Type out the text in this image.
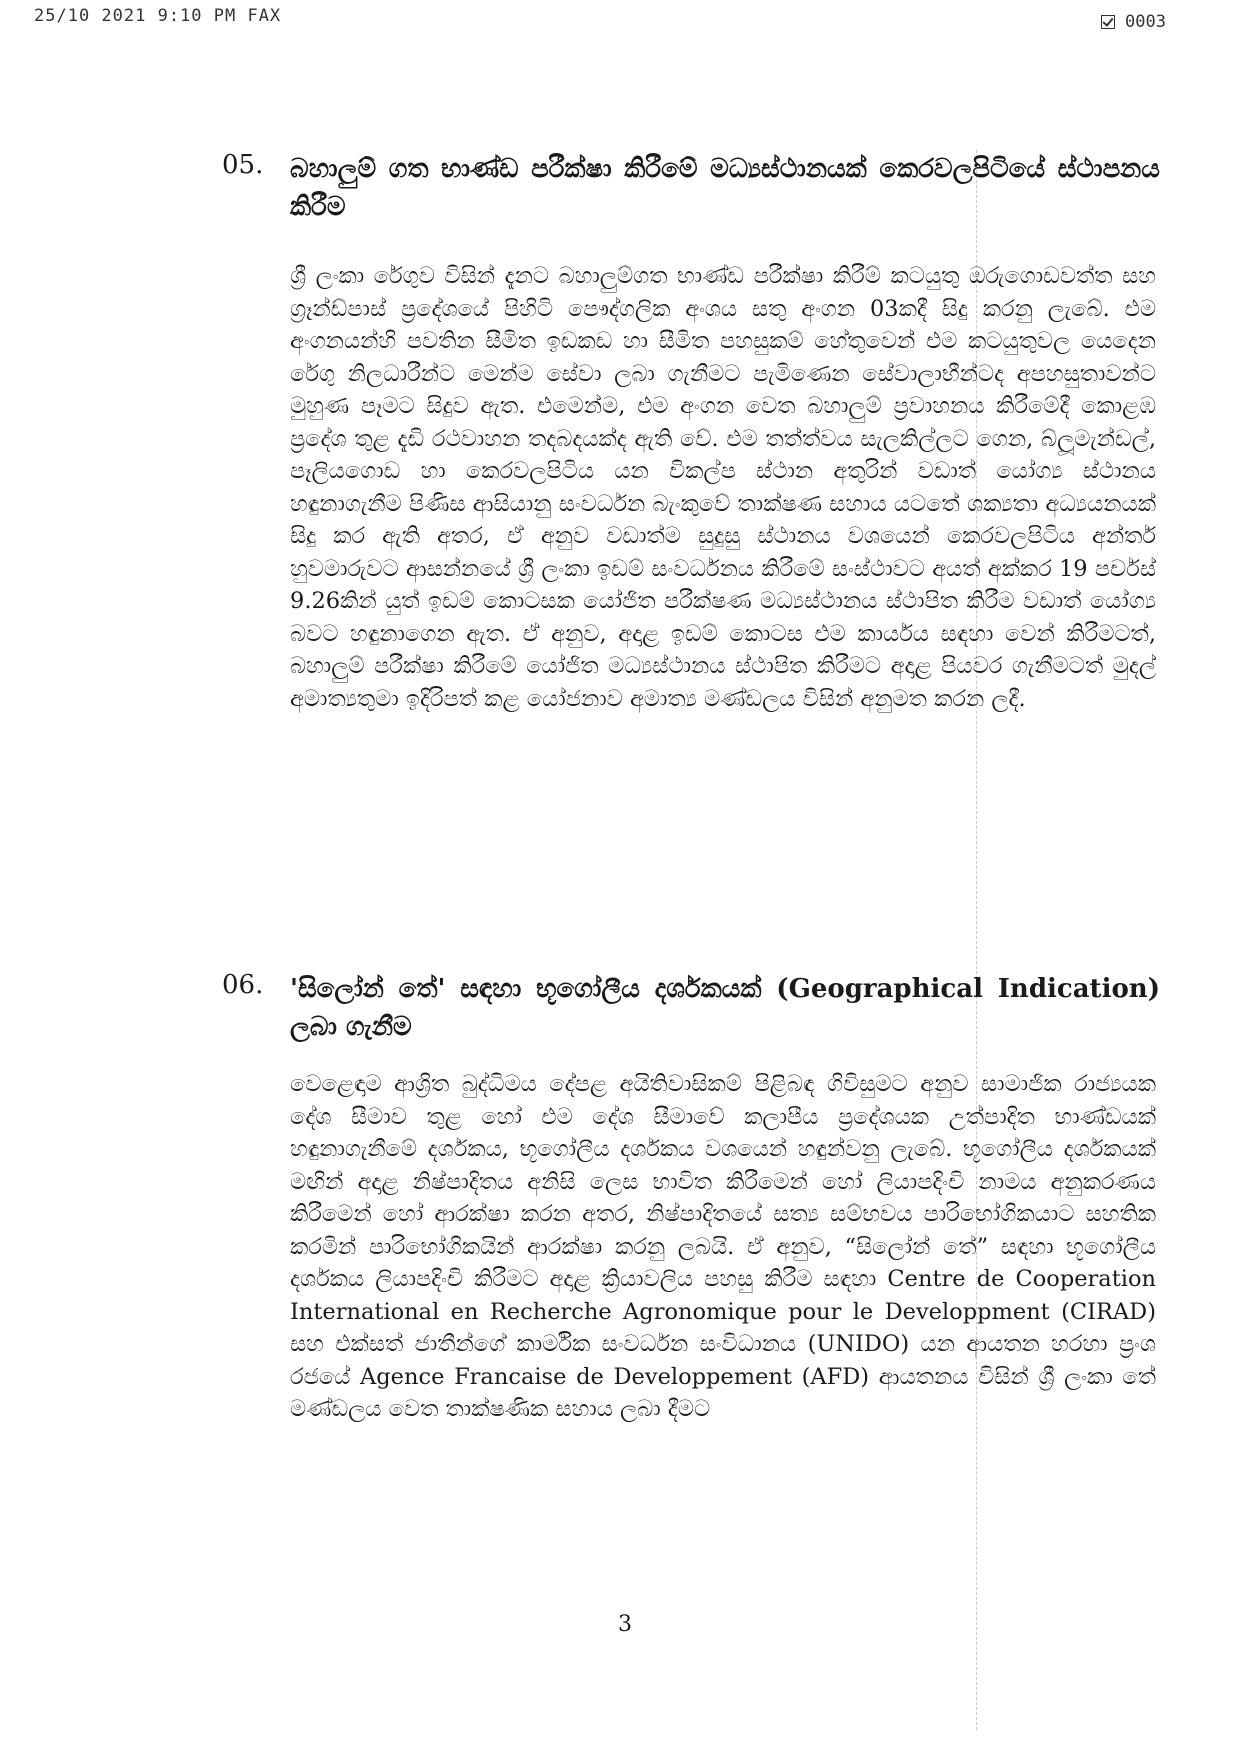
25/10 2021 9:10 PM FAX	0003
05. බහාලුම් ගත භාණ්ඩ පරීක්ෂා කිරීමේ මධ්‍යස්ථානයක් කෙරවලපිටියේ ස්ථාපනය කිරීම
ශ්‍රී ලංකා රේගුව විසින් දැනට බහාලුම්ගත භාණ්ඩ පරීක්ෂා කිරීම් කටයුතු ඔරුගොඩවත්ත සහ ග්‍රෑන්ඩ්පාස් ප්‍රදේශයේ පිහිටි පෞද්ගලික අංශය සතු අංගන 03කදී සිදු කරනු ලැබේ. එම අංගනයන්හි පවතින සීමිත ඉඩකඩ හා සීමිත පහසුකම් හේතුවෙන් එම කටයුතුවල යෙදෙන රේගු නිලධාරීන්ට මෙන්ම සේවා ලබා ගැනීමට පැමිණෙන සේවාලාභීන්ටද අපහසුතාවන්ට මුහුණ පෑමට සිදුව ඇත. එමෙන්ම, එම අංගන වෙත බහාලුම් ප්‍රවාහනය කිරීමේදී කොළඹ ප්‍රදේශ තුළ දැඩි රථවාහන තදබදයක්ද ඇති වේ. එම තත්ත්වය සැලකිල්ලට ගෙන, බ්ලූමැන්ඩල්, පෑලියගොඩ හා කෙරවලපිටිය යන විකල්ප ස්ථාන අතුරින් වඩාත් යෝග්‍ය ස්ථානය හඳුනාගැනීම පිණිස ආසියානු සංවර්ධන බැංකුවේ තාක්ෂණ සහාය යටතේ ශක්‍යතා අධ්‍යයනයක් සිදු කර ඇති අතර, ඒ අනුව වඩාත්ම සුදුසු ස්ථානය වශයෙන් කෙරවලපිටිය අන්තර් හුවමාරුවට ආසන්නයේ ශ්‍රී ලංකා ඉඩම් සංවර්ධනය කිරීමේ සංස්ථාවට අයත් අක්කර 19 පර්චස් 9.26කින් යුත් ඉඩම් කොටසක යෝජිත පරීක්ෂණ මධ්‍යස්ථානය ස්ථාපිත කිරීම වඩාත් යෝග්‍ය බවට හඳුනාගෙන ඇත. ඒ අනුව, අදාළ ඉඩම් කොටස එම කාර්යය සඳහා වෙන් කිරීමටත්, බහාලුම් පරීක්ෂා කිරීමේ යෝජිත මධ්‍යස්ථානය ස්ථාපිත කිරීමට අදාළ පියවර ගැනීමටත් මුදල් අමාත්‍යතුමා ඉදිරිපත් කළ යෝජනාව අමාත්‍ය මණ්ඩලය විසින් අනුමත කරන ලදී.
06. 'සිලෝන් තේ' සඳහා භූගෝලීය දර්ශකයක් (Geographical Indication) ලබා ගැනීම
වෙළෙඳාම ආශ්‍රිත බුද්ධිමය දේපළ අයිතිවාසිකම් පිළිබඳ ගිවිසුමට අනුව සාමාජික රාජ්‍යයක දේශ සීමාව තුළ හෝ එම දේශ සීමාවේ කලාපීය ප්‍රදේශයක උත්පාදිත භාණ්ඩයක් හඳුනාගැනීමේ දර්ශකය, භූගෝලීය දර්ශකය වශයෙන් හඳුන්වනු ලැබේ. භූගෝලීය දර්ශකයක් මඟින් අදාළ නිෂ්පාදිතය අනිසි ලෙස භාවිත කිරීමෙන් හෝ ලියාපදිංචි නාමය අනුකරණය කිරීමෙන් හෝ ආරක්ෂා කරන අතර, නිෂ්පාදිතයේ සත්‍ය සම්භවය පාරිභෝගිකයාට සහතික කරමින් පාරිභෝගිකයින් ආරක්ෂා කරනු ලබයි. ඒ අනුව, “සිලෝන් තේ” සඳහා භූගෝලීය දර්ශකය ලියාපදිංචි කිරීමට අදාළ ක්‍රියාවලිය පහසු කිරීම සඳහා Centre de Cooperation International en Recherche Agronomique pour le Developpment (CIRAD) සහ එක්සත් ජාතීන්ගේ කාර්මික සංවර්ධන සංවිධානය (UNIDO) යන ආයතන හරහා ප්‍රංශ රජයේ Agence Francaise de Developpement (AFD) ආයතනය විසින් ශ්‍රී ලංකා තේ මණ්ඩලය වෙත තාක්ෂණික සහාය ලබා දීමට
3
